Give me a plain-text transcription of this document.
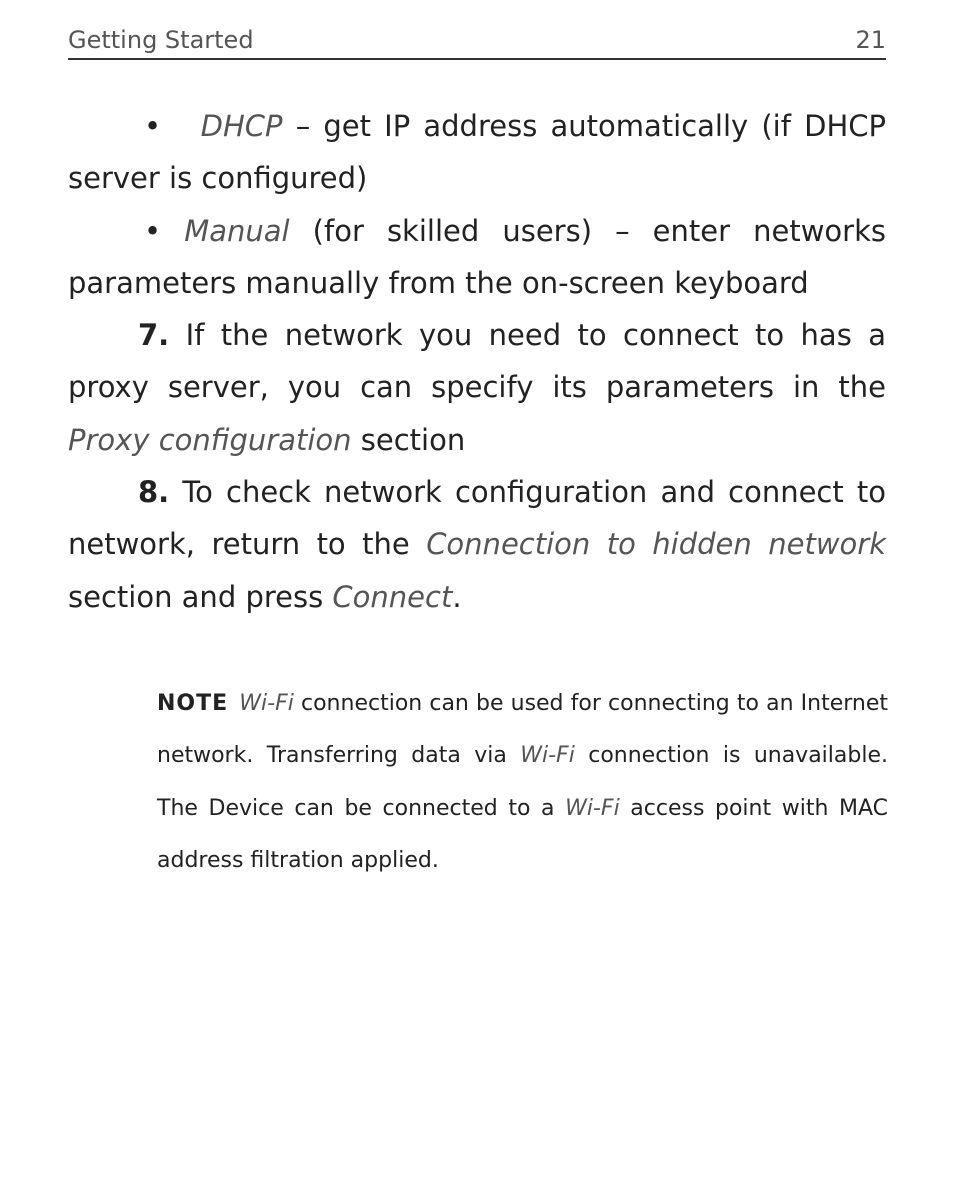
Getting Started	21

• DHCP – get IP address automatically (if DHCP server is configured)

• Manual (for skilled users) – enter networks parameters manually from the on-screen keyboard

7. If the network you need to connect to has a proxy server, you can specify its parameters in the Proxy configuration section

8. To check network configuration and connect to network, return to the Connection to hidden network section and press Connect.

NOTE Wi-Fi connection can be used for connecting to an Internet network. Transferring data via Wi-Fi connection is unavailable. The Device can be connected to a Wi-Fi access point with MAC address filtration applied.
